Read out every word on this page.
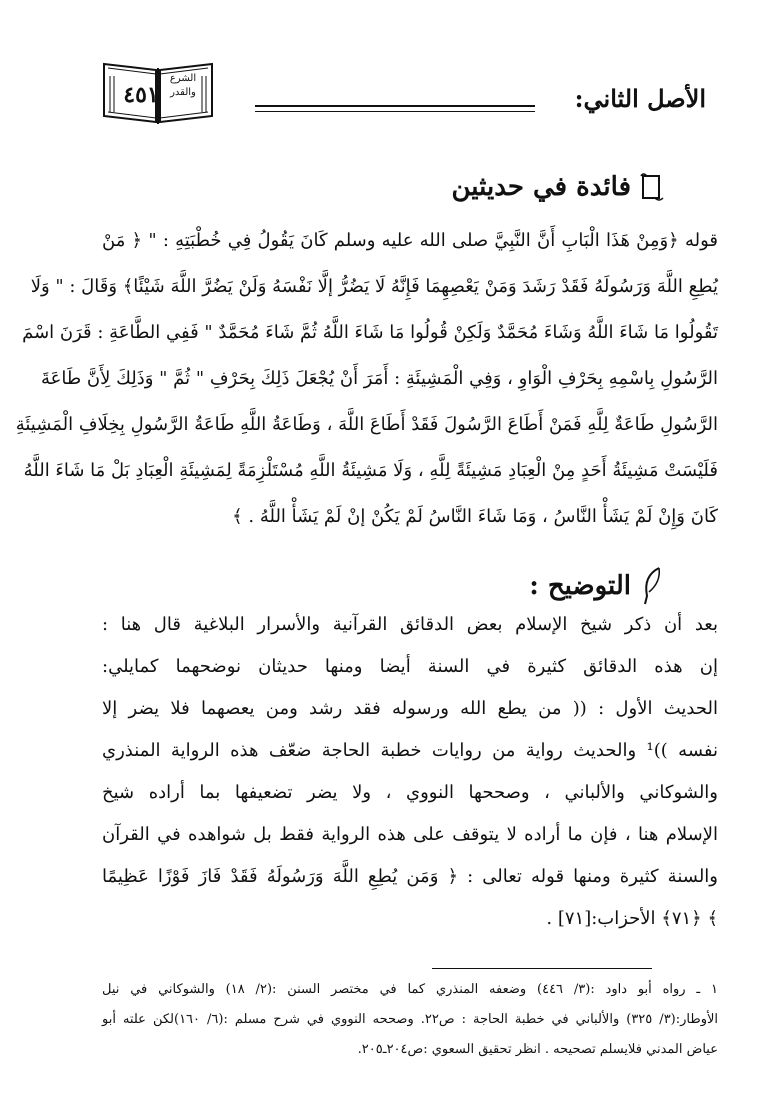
٤٥١
الشرع
والقدر	الأصل الثاني:
فائدة في حديثين
قوله ﴿وَمِنْ هَذَا الْبَابِ أَنَّ النَّبِيَّ صلى الله عليه وسلم كَانَ يَقُولُ فِي خُطْبَتِهِ : " ﴿ مَنْ
يُطِعِ اللَّهَ وَرَسُولَهُ فَقَدْ رَشَدَ وَمَنْ يَعْصِهِمَا فَإِنَّهُ لَا يَضُرُّ إلَّا نَفْسَهُ وَلَنْ يَضُرَّ اللَّهَ شَيْئًا﴾ وَقَالَ : " وَلَا
تَقُولُوا مَا شَاءَ اللَّهُ وَشَاءَ مُحَمَّدٌ وَلَكِنْ قُولُوا مَا شَاءَ اللَّهُ ثُمَّ شَاءَ مُحَمَّدٌ " فَفِي الطَّاعَةِ : قَرَنَ اسْمَ
الرَّسُولِ بِاسْمِهِ بِحَرْفِ الْوَاوِ ، وَفِي الْمَشِيئَةِ : أَمَرَ أَنْ يُجْعَلَ ذَلِكَ بِحَرْفِ " ثُمَّ " وَذَلِكَ لِأَنَّ طَاعَةَ
الرَّسُولِ طَاعَةٌ لِلَّهِ فَمَنْ أَطَاعَ الرَّسُولَ فَقَدْ أَطَاعَ اللَّهَ ، وَطَاعَةُ اللَّهِ طَاعَةُ الرَّسُولِ بِخِلَافِ الْمَشِيئَةِ
فَلَيْسَتْ مَشِيئَةُ أَحَدٍ مِنْ الْعِبَادِ مَشِيئَةً لِلَّهِ ، وَلَا مَشِيئَةُ اللَّهِ مُسْتَلْزِمَةً لِمَشِيئَةِ الْعِبَادِ بَلْ مَا شَاءَ اللَّهُ
كَانَ وَإِنْ لَمْ يَشَأْ النَّاسُ ، وَمَا شَاءَ النَّاسُ لَمْ يَكُنْ إنْ لَمْ يَشَأْ اللَّهُ . ﴾
التوضيح :
بعد أن ذكر شيخ الإسلام بعض الدقائق القرآنية والأسرار البلاغية قال هنا :
إن هذه الدقائق كثيرة في السنة أيضا ومنها حديثان نوضحهما كمايلي:
الحديث الأول : (( من يطع الله ورسوله فقد رشد ومن يعصهما فلا يضر إلا
نفسه ))¹ والحديث رواية من روايات خطبة الحاجة ضعّف هذه الرواية المنذري
والشوكاني والألباني ، وصححها النووي ، ولا يضر تضعيفها بما أراده شيخ
الإسلام هنا ، فإن ما أراده لا يتوقف على هذه الرواية فقط بل شواهده في القرآن
والسنة كثيرة ومنها قوله تعالى : ﴿ وَمَن يُطِعِ اللَّهَ وَرَسُولَهُ فَقَدْ فَازَ فَوْزًا عَظِيمًا
﴾ ﴿٧١﴾ الأحزاب:[٧١] .
١ ـ رواه أبو داود :(٣/ ٤٤٦) وضعفه المنذري كما في مختصر السنن :(٢/ ١٨) والشوكاني في نيل
الأوطار:(٣/ ٣٢٥) والألباني في خطبة الحاجة : ص٢٢. وصححه النووي في شرح مسلم :(٦/ ١٦٠)لكن علته أبو
عياض المدني فلايسلم تصحيحه . انظر تحقيق السعوي :ص٢٠٤ـ٢٠٥.
